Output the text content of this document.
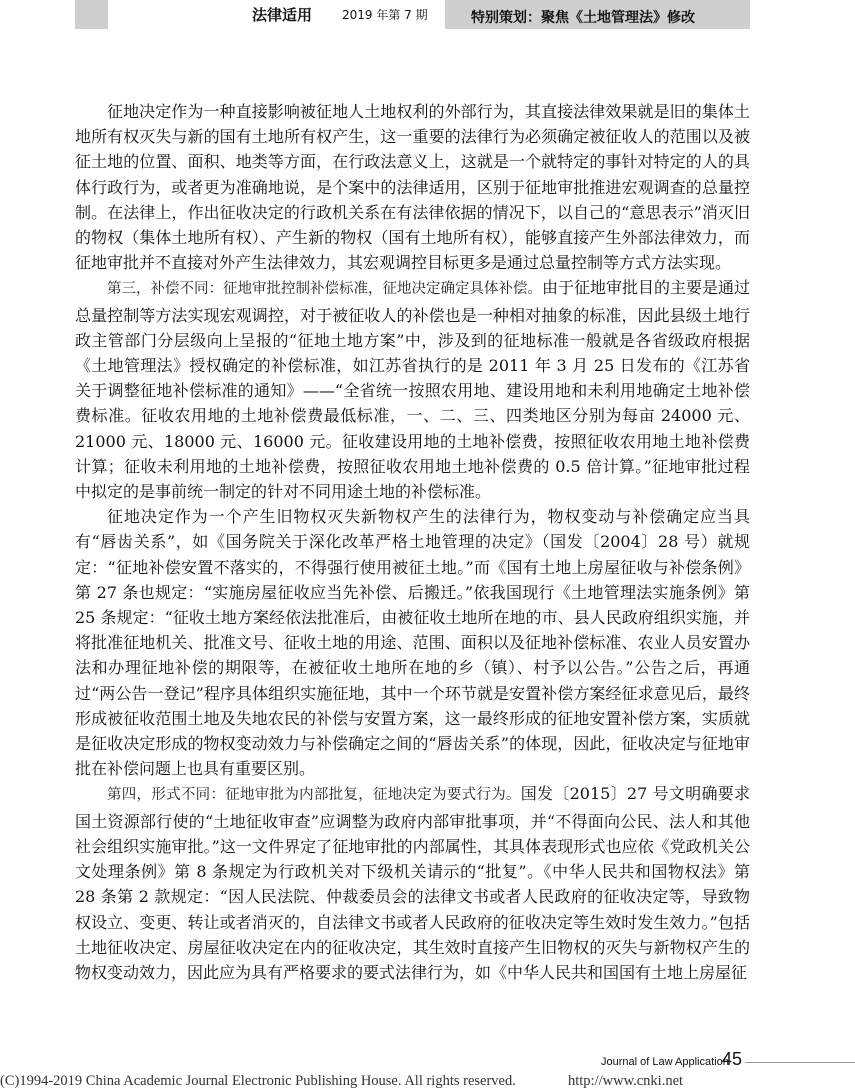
法律适用 2019 年第 7 期	特别策划：聚焦《土地管理法》修改

征地决定作为一种直接影响被征地人土地权利的外部行为，其直接法律效果就是旧的集体土地所有权灭失与新的国有土地所有权产生，这一重要的法律行为必须确定被征收人的范围以及被征土地的位置、面积、地类等方面，在行政法意义上，这就是一个就特定的事针对特定的人的具体行政行为，或者更为准确地说，是个案中的法律适用，区别于征地审批推进宏观调查的总量控制。在法律上，作出征收决定的行政机关系在有法律依据的情况下，以自己的“意思表示”消灭旧的物权（集体土地所有权）、产生新的物权（国有土地所有权），能够直接产生外部法律效力，而征地审批并不直接对外产生法律效力，其宏观调控目标更多是通过总量控制等方式方法实现。

第三，补偿不同：征地审批控制补偿标准，征地决定确定具体补偿。由于征地审批目的主要是通过总量控制等方法实现宏观调控，对于被征收人的补偿也是一种相对抽象的标准，因此县级土地行政主管部门分层级向上呈报的“征地土地方案”中，涉及到的征地标准一般就是各省级政府根据《土地管理法》授权确定的补偿标准，如江苏省执行的是 2011 年 3 月 25 日发布的《江苏省关于调整征地补偿标准的通知》——“全省统一按照农用地、建设用地和未利用地确定土地补偿费标准。征收农用地的土地补偿费最低标准，一、二、三、四类地区分别为每亩 24000 元、21000 元、18000 元、16000 元。征收建设用地的土地补偿费，按照征收农用地土地补偿费计算；征收未利用地的土地补偿费，按照征收农用地土地补偿费的 0.5 倍计算。”征地审批过程中拟定的是事前统一制定的针对不同用途土地的补偿标准。

征地决定作为一个产生旧物权灭失新物权产生的法律行为，物权变动与补偿确定应当具有“唇齿关系”，如《国务院关于深化改革严格土地管理的决定》（国发〔2004〕28 号）就规定：“征地补偿安置不落实的，不得强行使用被征土地。”而《国有土地上房屋征收与补偿条例》第 27 条也规定：“实施房屋征收应当先补偿、后搬迁。”依我国现行《土地管理法实施条例》第 25 条规定：“征收土地方案经依法批准后，由被征收土地所在地的市、县人民政府组织实施，并将批准征地机关、批准文号、征收土地的用途、范围、面积以及征地补偿标准、农业人员安置办法和办理征地补偿的期限等，在被征收土地所在地的乡（镇）、村予以公告。”公告之后，再通过“两公告一登记”程序具体组织实施征地，其中一个环节就是安置补偿方案经征求意见后，最终形成被征收范围土地及失地农民的补偿与安置方案，这一最终形成的征地安置补偿方案，实质就是征收决定形成的物权变动效力与补偿确定之间的“唇齿关系”的体现，因此，征收决定与征地审批在补偿问题上也具有重要区别。

第四，形式不同：征地审批为内部批复，征地决定为要式行为。国发〔2015〕27 号文明确要求国土资源部行使的“土地征收审查”应调整为政府内部审批事项，并“不得面向公民、法人和其他社会组织实施审批。”这一文件界定了征地审批的内部属性，其具体表现形式也应依《党政机关公文处理条例》第 8 条规定为行政机关对下级机关请示的“批复”。《中华人民共和国物权法》第 28 条第 2 款规定：“因人民法院、仲裁委员会的法律文书或者人民政府的征收决定等，导致物权设立、变更、转让或者消灭的，自法律文书或者人民政府的征收决定等生效时发生效力。”包括土地征收决定、房屋征收决定在内的征收决定，其生效时直接产生旧物权的灭失与新物权产生的物权变动效力，因此应为具有严格要求的要式法律行为，如《中华人民共和国国有土地上房屋征

Journal of Law Application
45
(C)1994-2019 China Academic Journal Electronic Publishing House. All rights reserved.	http://www.cnki.net
